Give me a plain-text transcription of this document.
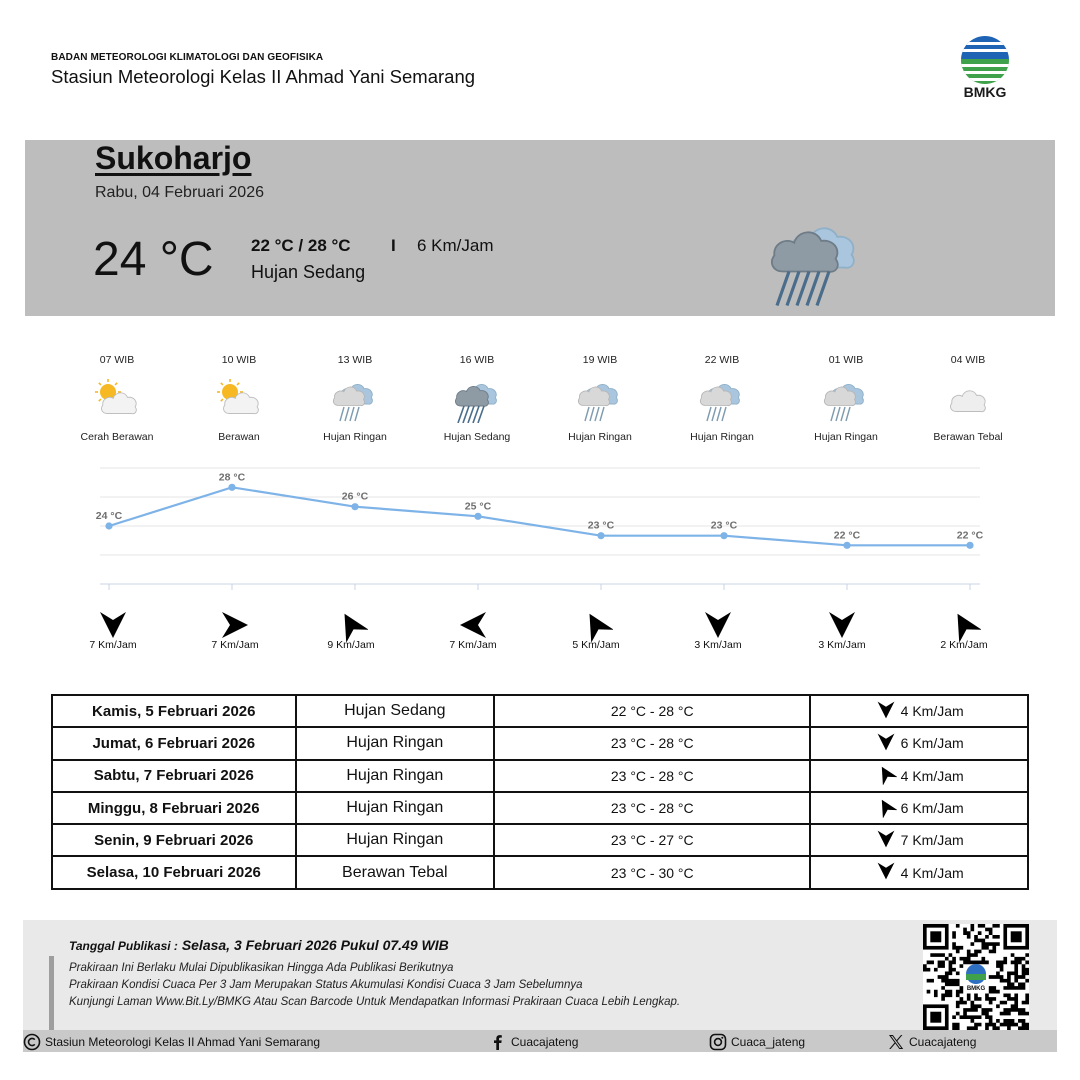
BADAN METEOROLOGI KLIMATOLOGI DAN GEOFISIKA
Stasiun Meteorologi Kelas II Ahmad Yani Semarang
BMKG
Sukoharjo
Rabu, 04 Februari 2026
24 °C 22 °C / 28 °C I 6 Km/Jam
Hujan Sedang
07 WIB
Cerah Berawan
7 Km/Jam
10 WIB
Berawan
7 Km/Jam
13 WIB
Hujan Ringan
9 Km/Jam
16 WIB
Hujan Sedang
7 Km/Jam
19 WIB
Hujan Ringan
5 Km/Jam
22 WIB
Hujan Ringan
3 Km/Jam
01 WIB
Hujan Ringan
3 Km/Jam
04 WIB
Berawan Tebal
2 Km/Jam
24 °C
28 °C
26 °C
25 °C
23 °C	23 °C
22 °C	22 °C
Kamis, 5 Februari 2026	Hujan Sedang	22 °C - 28 °C	4 Km/Jam

Jumat, 6 Februari 2026	Hujan Ringan	23 °C - 28 °C	6 Km/Jam

Sabtu, 7 Februari 2026	Hujan Ringan	23 °C - 28 °C	4 Km/Jam

Minggu, 8 Februari 2026	Hujan Ringan	23 °C - 28 °C	6 Km/Jam

Senin, 9 Februari 2026	Hujan Ringan	23 °C - 27 °C	7 Km/Jam

Selasa, 10 Februari 2026	Berawan Tebal	23 °C - 30 °C	4 Km/Jam
Tanggal Publikasi : Selasa, 3 Februari 2026 Pukul 07.49 WIB
Prakiraan Ini Berlaku Mulai Dipublikasikan Hingga Ada Publikasi Berikutnya
Prakiraan Kondisi Cuaca Per 3 Jam Merupakan Status Akumulasi Kondisi Cuaca 3 Jam Sebelumnya
Kunjungi Laman Www.Bit.Ly/BMKG Atau Scan Barcode Untuk Mendapatkan Informasi Prakiraan Cuaca Lebih Lengkap.
BMKG
Stasiun Meteorologi Kelas II Ahmad Yani Semarang	Cuacajateng	Cuaca_jateng	Cuacajateng
